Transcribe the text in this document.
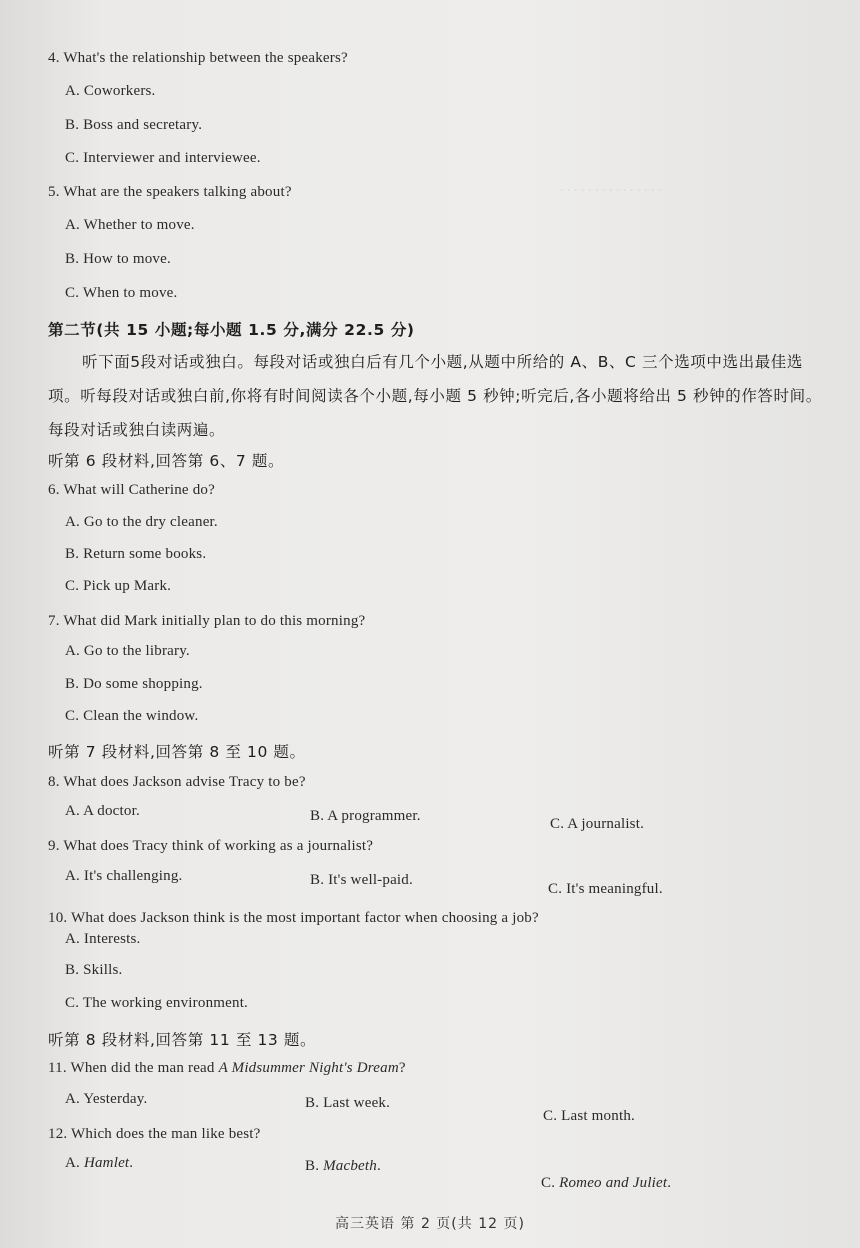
. . . . . . . . . . . . . . .
4. What's the relationship between the speakers?
A. Coworkers.
B. Boss and secretary.
C. Interviewer and interviewee.
5. What are the speakers talking about?
A. Whether to move.
B. How to move.
C. When to move.
第二节(共 15 小题;每小题 1.5 分,满分 22.5 分)
听下面5段对话或独白。每段对话或独白后有几个小题,从题中所给的 A、B、C 三个选项中选出最佳选项。听每段对话或独白前,你将有时间阅读各个小题,每小题 5 秒钟;听完后,各小题将给出 5 秒钟的作答时间。每段对话或独白读两遍。
听第 6 段材料,回答第 6、7 题。
6. What will Catherine do?
A. Go to the dry cleaner.
B. Return some books.
C. Pick up Mark.
7. What did Mark initially plan to do this morning?
A. Go to the library.
B. Do some shopping.
C. Clean the window.
听第 7 段材料,回答第 8 至 10 题。
8. What does Jackson advise Tracy to be?
A. A doctor.	B. A programmer.	C. A journalist.
9. What does Tracy think of working as a journalist?
A. It's challenging.	B. It's well-paid.
C. It's meaningful.
10. What does Jackson think is the most important factor when choosing a job?
A. Interests.
B. Skills.
C. The working environment.
听第 8 段材料,回答第 11 至 13 题。
11. When did the man read A Midsummer Night's Dream?
A. Yesterday.	B. Last week.
C. Last month.
12. Which does the man like best?
A. Hamlet.	B. Macbeth.
C. Romeo and Juliet.
高三英语 第 2 页(共 12 页)
